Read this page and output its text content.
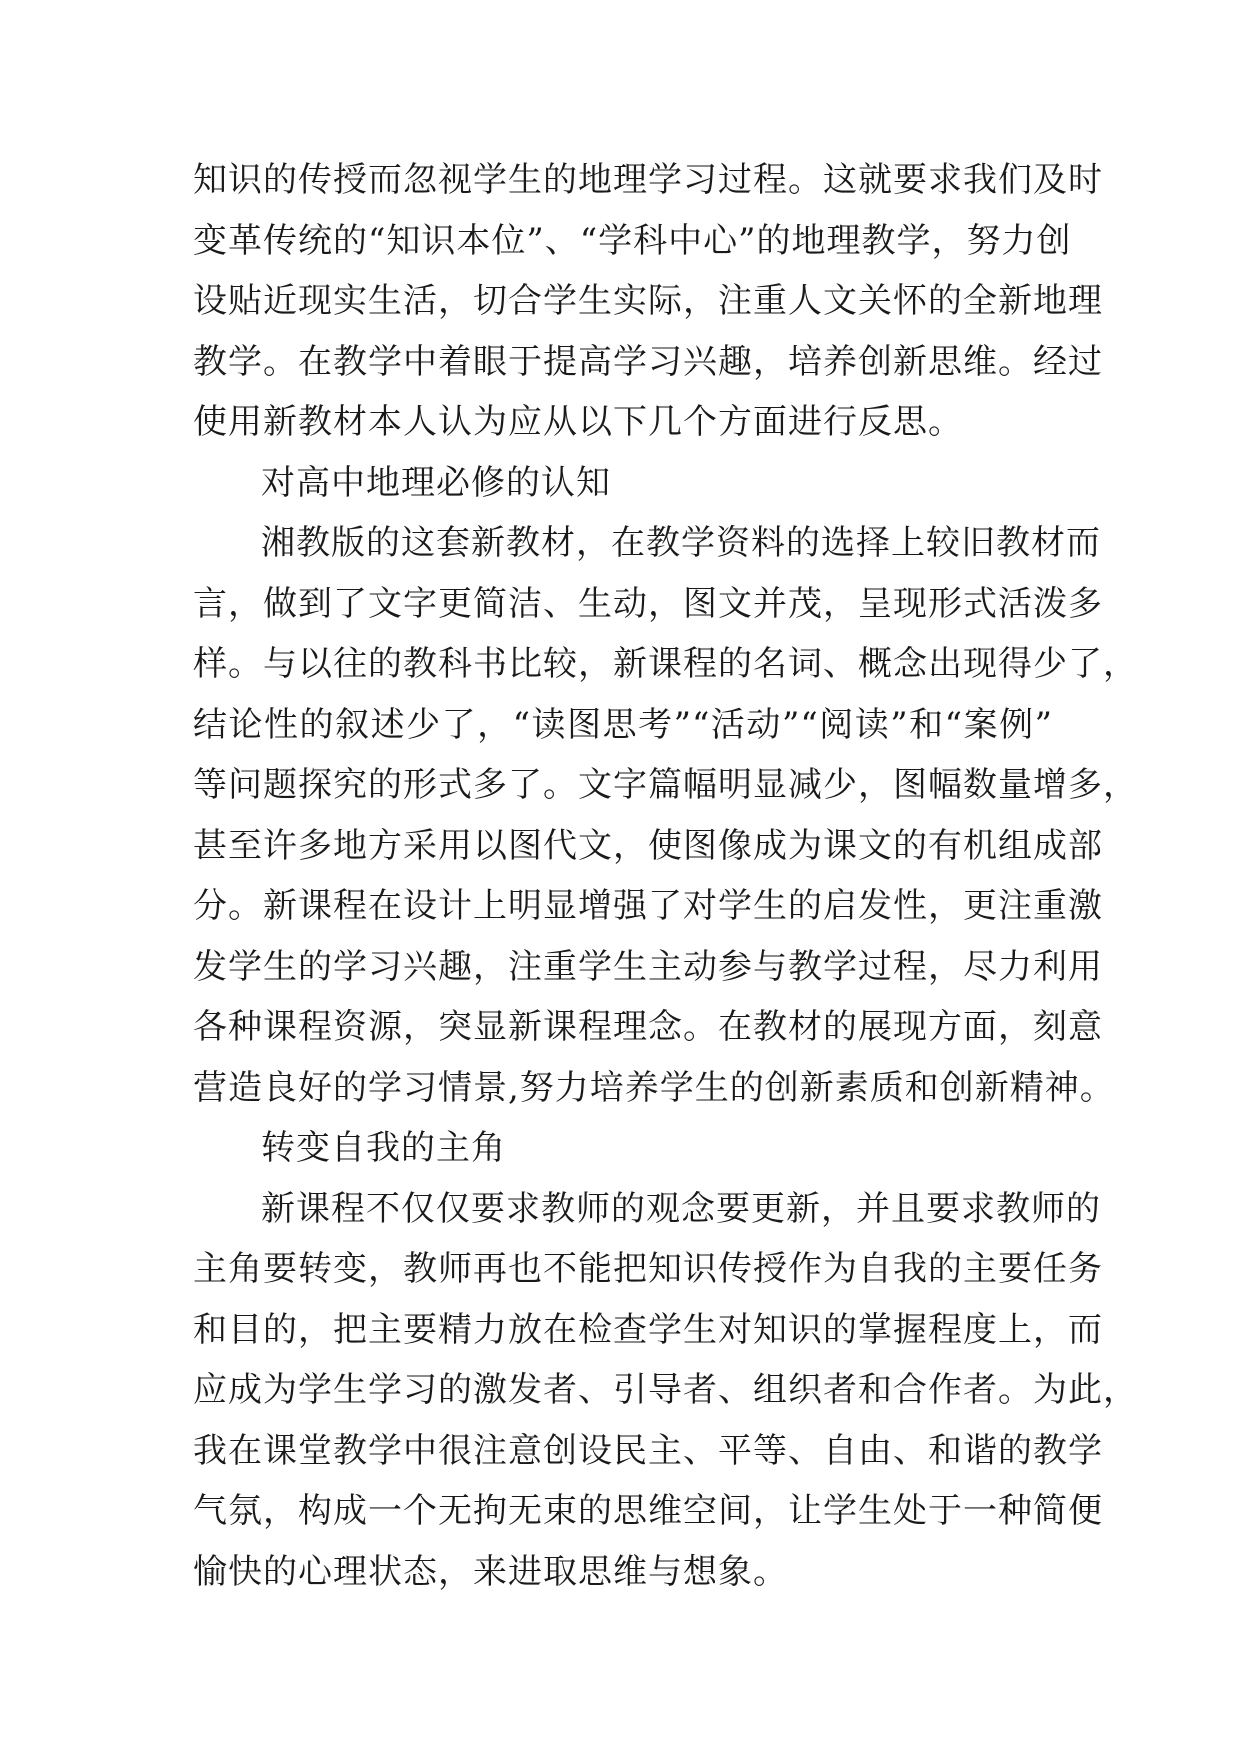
知识的传授而忽视学生的地理学习过程。这就要求我们及时
变革传统的“知识本位”、“学科中心”的地理教学，努力创
设贴近现实生活，切合学生实际，注重人文关怀的全新地理
教学。在教学中着眼于提高学习兴趣，培养创新思维。经过
使用新教材本人认为应从以下几个方面进行反思。
对高中地理必修的认知
湘教版的这套新教材，在教学资料的选择上较旧教材而
言，做到了文字更简洁、生动，图文并茂，呈现形式活泼多
样。与以往的教科书比较，新课程的名词、概念出现得少了，
结论性的叙述少了，“读图思考”“活动”“阅读”和“案例”
等问题探究的形式多了。文字篇幅明显减少，图幅数量增多，
甚至许多地方采用以图代文，使图像成为课文的有机组成部
分。新课程在设计上明显增强了对学生的启发性，更注重激
发学生的学习兴趣，注重学生主动参与教学过程，尽力利用
各种课程资源，突显新课程理念。在教材的展现方面，刻意
营造良好的学习情景,努力培养学生的创新素质和创新精神。
转变自我的主角
新课程不仅仅要求教师的观念要更新，并且要求教师的
主角要转变，教师再也不能把知识传授作为自我的主要任务
和目的，把主要精力放在检查学生对知识的掌握程度上，而
应成为学生学习的激发者、引导者、组织者和合作者。为此，
我在课堂教学中很注意创设民主、平等、自由、和谐的教学
气氛，构成一个无拘无束的思维空间，让学生处于一种简便
愉快的心理状态，来进取思维与想象。
